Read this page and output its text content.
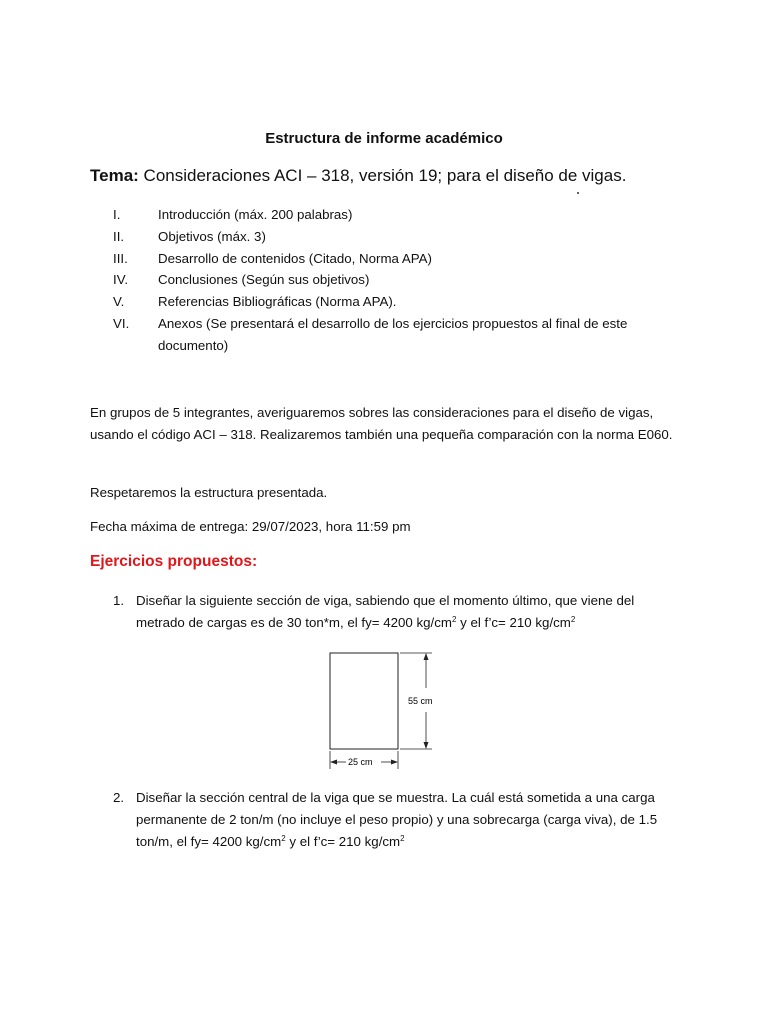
Estructura de informe académico
Tema: Consideraciones ACI – 318, versión 19; para el diseño de vigas.
I.	Introducción (máx. 200 palabras)
II.	Objetivos (máx. 3)
III. Desarrollo de contenidos (Citado, Norma APA)
IV. Conclusiones (Según sus objetivos)
V.	Referencias Bibliográficas (Norma APA).
VI. Anexos (Se presentará el desarrollo de los ejercicios propuestos al final de este documento)
En grupos de 5 integrantes, averiguaremos sobres las consideraciones para el diseño de vigas, usando el código ACI – 318. Realizaremos también una pequeña comparación con la norma E060.
Respetaremos la estructura presentada.
Fecha máxima de entrega: 29/07/2023, hora 11:59 pm
Ejercicios propuestos:
1. Diseñar la siguiente sección de viga, sabiendo que el momento último, que viene del metrado de cargas es de 30 ton*m, el fy= 4200 $kg/cm^2$ y el f’c= 210 $kg/cm^2$
55 cm
25 cm
2. Diseñar la sección central de la viga que se muestra. La cuál está sometida a una carga permanente de 2 ton/m (no incluye el peso propio) y una sobrecarga (carga viva), de 1.5 ton/m, el fy= 4200 $kg/cm^2$ y el f’c= 210 $kg/cm^2$
